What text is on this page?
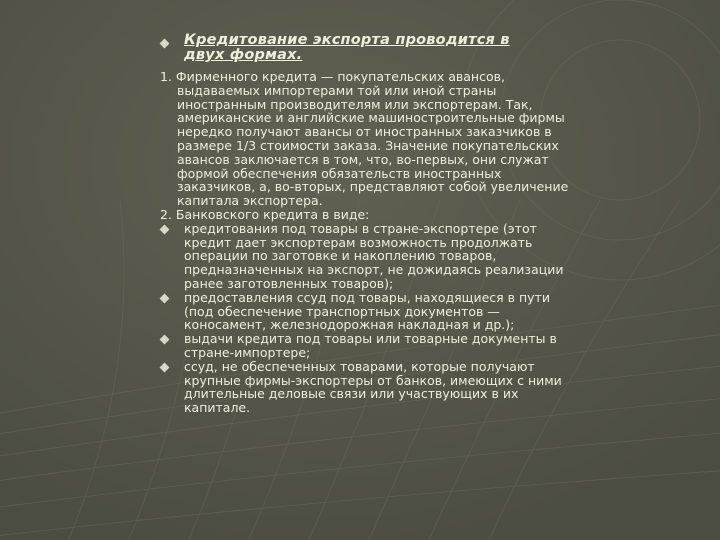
Кредитование экспорта проводится в двух формах.

1. Фирменного кредита — покупательских авансов, выдаваемых импортерами той или иной страны иностранным производителям или экспортерам. Так, американские и английские машиностроительные фирмы нередко получают авансы от иностранных заказчиков в размере 1/3 стоимости заказа. Значение покупательских авансов заключается в том, что, во-первых, они служат формой обеспечения обязательств иностранных заказчиков, а, во-вторых, представляют собой увеличение капитала экспортера.

2. Банковского кредита в виде:

кредитования под товары в стране-экспортере (этот кредит дает экспортерам возможность продолжать операции по заготовке и накоплению товаров, предназначенных на экспорт, не дожидаясь реализации ранее заготовленных товаров);

предоставления ссуд под товары, находящиеся в пути (под обеспечение транспортных документов — коносамент, железнодорожная накладная и др.);

выдачи кредита под товары или товарные документы в стране-импортере;

ссуд, не обеспеченных товарами, которые получают крупные фирмы-экспортеры от банков, имеющих с ними длительные деловые связи или участвующих в их капитале.
